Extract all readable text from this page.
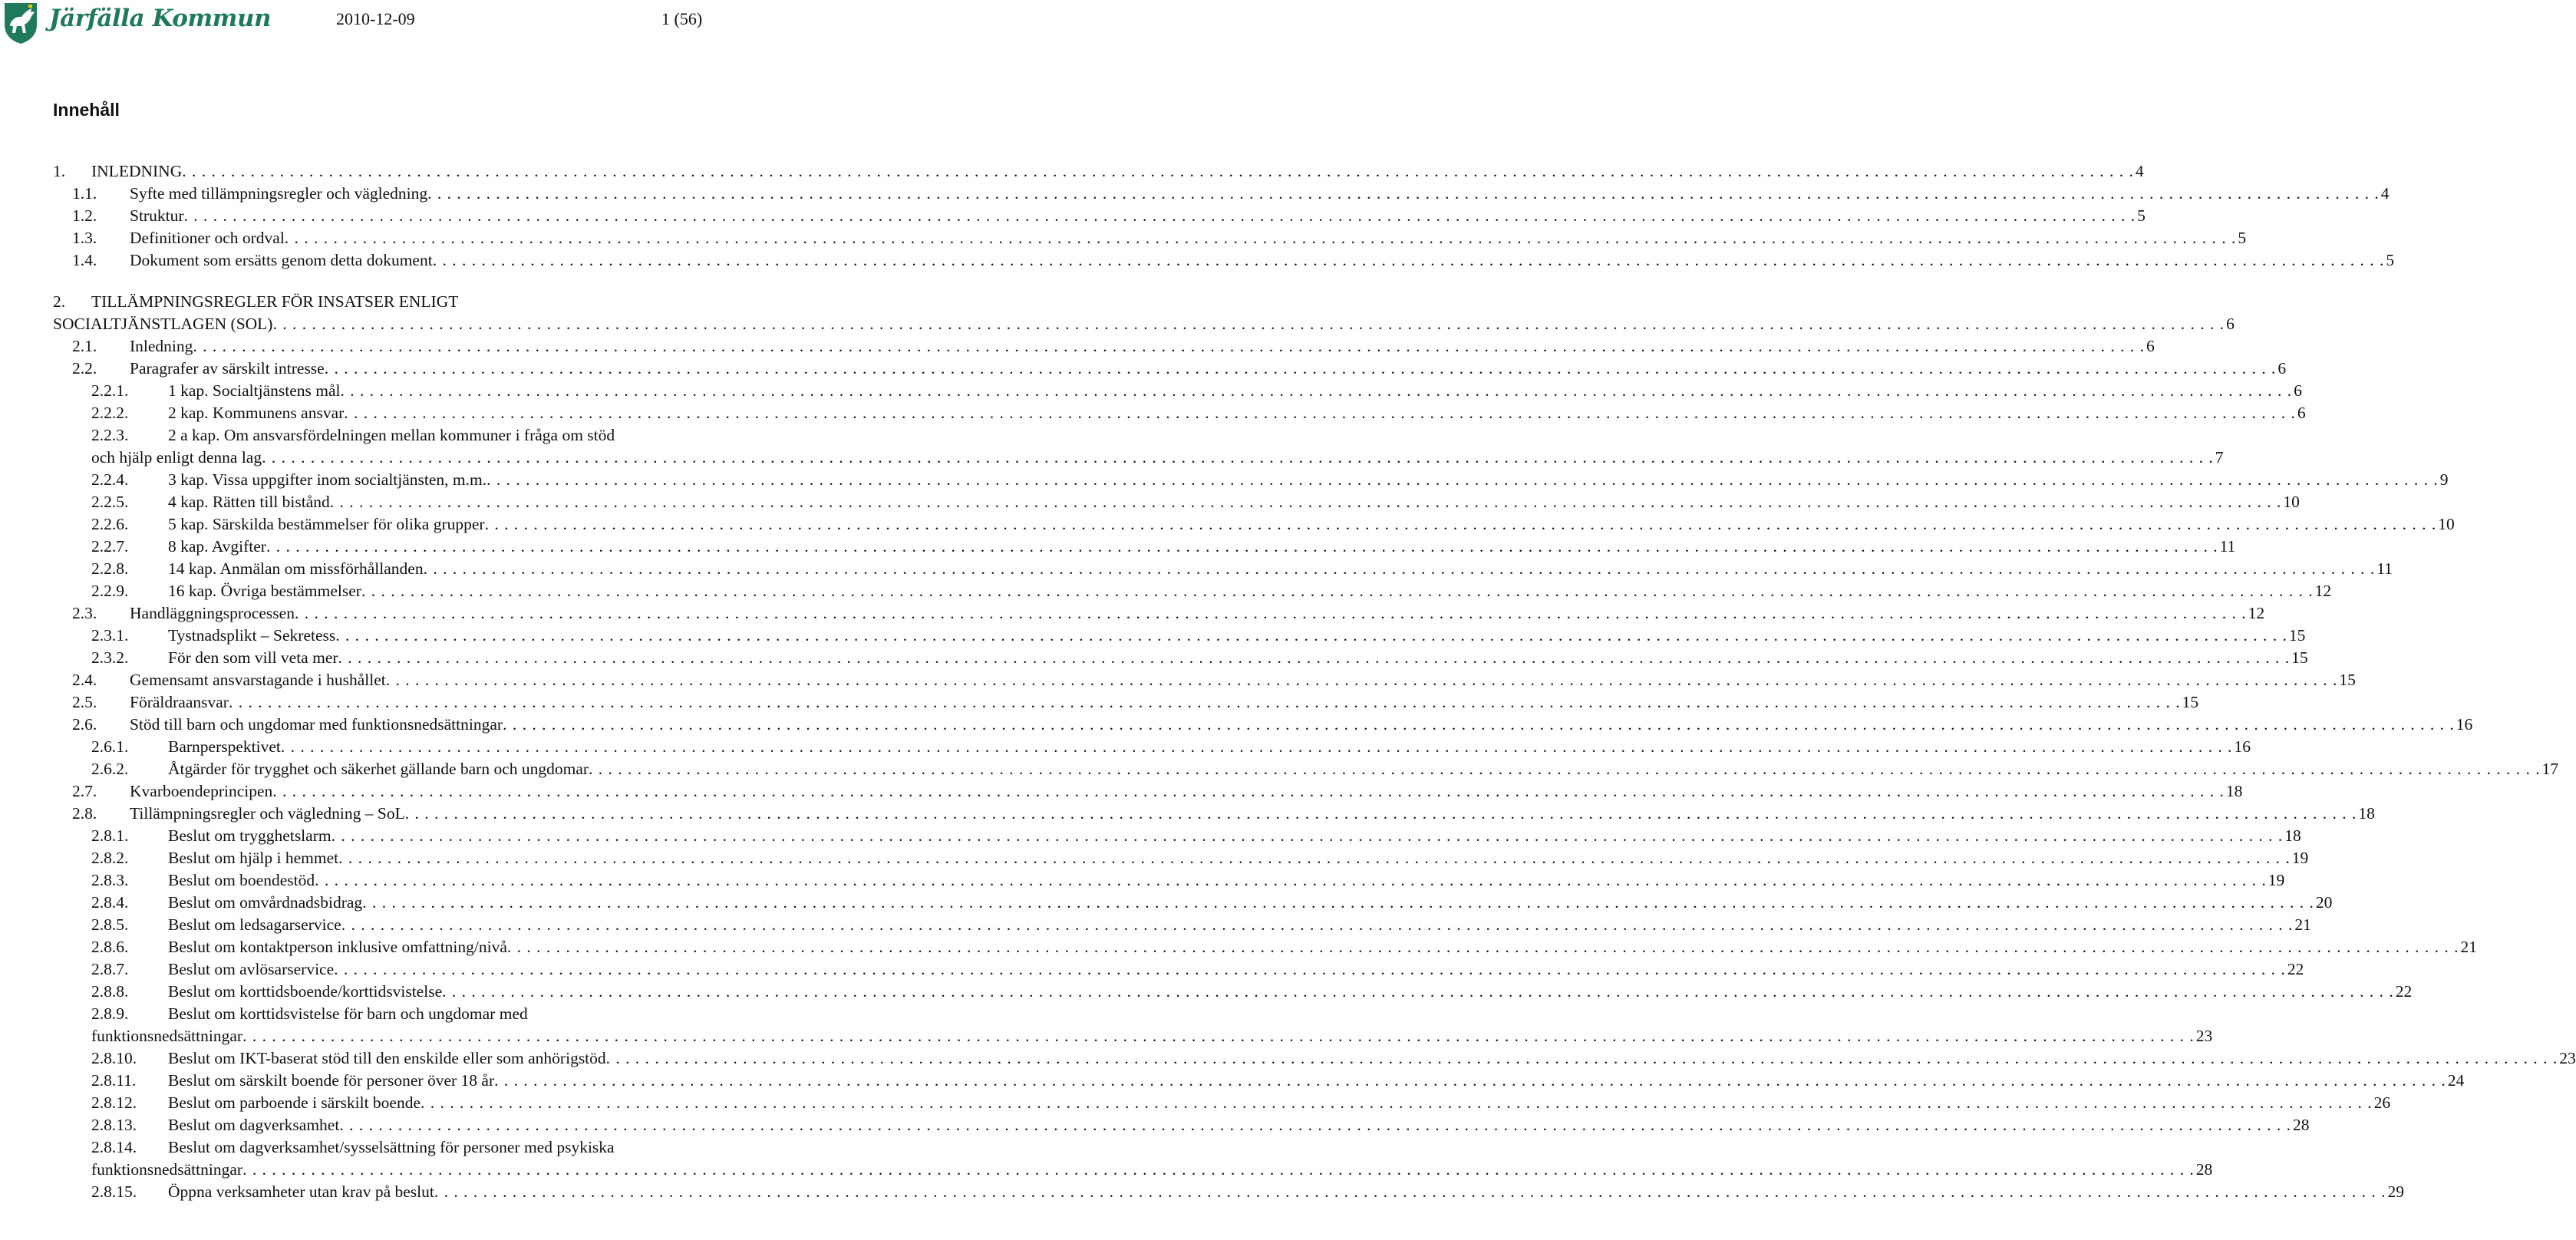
Järfälla Kommun	2010-12-09	1 (56)
Innehåll
1. INLEDNING . . . . . . . . . . . . . . . . . . . . . . . . . . . . . . . . . . . . . . . . . . . . . . . . . . . . . . . . . . . . . . . . . . . . . . . . . . . . . . . . . . . . . . . . . . . . . . . . . . . . . . . . . . . . . . . . . . . . . . . . . . . . . . . . . . . . . . . . . . . . . . . . . . . . . . . . . . . . . . . . . . . . . . . . . . . . . . . . . . . . . . . . . . . . . . . . . . . . . . . . 4
1.1. Syfte med tillämpningsregler och vägledning . . . . . . . . . . . . . . . . . . . . . . . . . . . . . . . . . . . . . . . . . . . . . . . . . . . . . . . . . . . . . . . . . . . . . . . . . . . . . . . . . . . . . . . . . . . . . . . . . . . . . . . . . . . . . . . . . . . . . . . . . . . . . . . . . . . . . . . . . . . . . . . . . . . . . . . . . . . . . . . . . . . . . . . . . . . . . . . . . . . . . . . . . . . . . . . . . . . . . . . . 4
1.2. Struktur . . . . . . . . . . . . . . . . . . . . . . . . . . . . . . . . . . . . . . . . . . . . . . . . . . . . . . . . . . . . . . . . . . . . . . . . . . . . . . . . . . . . . . . . . . . . . . . . . . . . . . . . . . . . . . . . . . . . . . . . . . . . . . . . . . . . . . . . . . . . . . . . . . . . . . . . . . . . . . . . . . . . . . . . . . . . . . . . . . . . . . . . . . . . . . . . . . . . . . . . 5
1.3. Definitioner och ordval . . . . . . . . . . . . . . . . . . . . . . . . . . . . . . . . . . . . . . . . . . . . . . . . . . . . . . . . . . . . . . . . . . . . . . . . . . . . . . . . . . . . . . . . . . . . . . . . . . . . . . . . . . . . . . . . . . . . . . . . . . . . . . . . . . . . . . . . . . . . . . . . . . . . . . . . . . . . . . . . . . . . . . . . . . . . . . . . . . . . . . . . . . . . . . . . . . . . . . . . 5
1.4. Dokument som ersätts genom detta dokument . . . . . . . . . . . . . . . . . . . . . . . . . . . . . . . . . . . . . . . . . . . . . . . . . . . . . . . . . . . . . . . . . . . . . . . . . . . . . . . . . . . . . . . . . . . . . . . . . . . . . . . . . . . . . . . . . . . . . . . . . . . . . . . . . . . . . . . . . . . . . . . . . . . . . . . . . . . . . . . . . . . . . . . . . . . . . . . . . . . . . . . . . . . . . . . . . . . . . . . . 5
2. TILLÄMPNINGSREGLER FÖR INSATSER ENLIGT
SOCIALTJÄNSTLAGEN (SOL) . . . . . . . . . . . . . . . . . . . . . . . . . . . . . . . . . . . . . . . . . . . . . . . . . . . . . . . . . . . . . . . . . . . . . . . . . . . . . . . . . . . . . . . . . . . . . . . . . . . . . . . . . . . . . . . . . . . . . . . . . . . . . . . . . . . . . . . . . . . . . . . . . . . . . . . . . . . . . . . . . . . . . . . . . . . . . . . . . . . . . . . . . . . . . . . . . . . . . . . . 6
2.1. Inledning . . . . . . . . . . . . . . . . . . . . . . . . . . . . . . . . . . . . . . . . . . . . . . . . . . . . . . . . . . . . . . . . . . . . . . . . . . . . . . . . . . . . . . . . . . . . . . . . . . . . . . . . . . . . . . . . . . . . . . . . . . . . . . . . . . . . . . . . . . . . . . . . . . . . . . . . . . . . . . . . . . . . . . . . . . . . . . . . . . . . . . . . . . . . . . . . . . . . . . . . 6
2.2. Paragrafer av särskilt intresse . . . . . . . . . . . . . . . . . . . . . . . . . . . . . . . . . . . . . . . . . . . . . . . . . . . . . . . . . . . . . . . . . . . . . . . . . . . . . . . . . . . . . . . . . . . . . . . . . . . . . . . . . . . . . . . . . . . . . . . . . . . . . . . . . . . . . . . . . . . . . . . . . . . . . . . . . . . . . . . . . . . . . . . . . . . . . . . . . . . . . . . . . . . . . . . . . . . . . . . . 6
2.2.1. 1 kap. Socialtjänstens mål . . . . . . . . . . . . . . . . . . . . . . . . . . . . . . . . . . . . . . . . . . . . . . . . . . . . . . . . . . . . . . . . . . . . . . . . . . . . . . . . . . . . . . . . . . . . . . . . . . . . . . . . . . . . . . . . . . . . . . . . . . . . . . . . . . . . . . . . . . . . . . . . . . . . . . . . . . . . . . . . . . . . . . . . . . . . . . . . . . . . . . . . . . . . . . . . . . . . . . . . 6
2.2.2. 2 kap. Kommunens ansvar . . . . . . . . . . . . . . . . . . . . . . . . . . . . . . . . . . . . . . . . . . . . . . . . . . . . . . . . . . . . . . . . . . . . . . . . . . . . . . . . . . . . . . . . . . . . . . . . . . . . . . . . . . . . . . . . . . . . . . . . . . . . . . . . . . . . . . . . . . . . . . . . . . . . . . . . . . . . . . . . . . . . . . . . . . . . . . . . . . . . . . . . . . . . . . . . . . . . . . . . 6
2.2.3. 2 a kap. Om ansvarsfördelningen mellan kommuner i fråga om stöd
och hjälp enligt denna lag . . . . . . . . . . . . . . . . . . . . . . . . . . . . . . . . . . . . . . . . . . . . . . . . . . . . . . . . . . . . . . . . . . . . . . . . . . . . . . . . . . . . . . . . . . . . . . . . . . . . . . . . . . . . . . . . . . . . . . . . . . . . . . . . . . . . . . . . . . . . . . . . . . . . . . . . . . . . . . . . . . . . . . . . . . . . . . . . . . . . . . . . . . . . . . . . . . . . . . . . 7
2.2.4. 3 kap. Vissa uppgifter inom socialtjänsten, m.m. . . . . . . . . . . . . . . . . . . . . . . . . . . . . . . . . . . . . . . . . . . . . . . . . . . . . . . . . . . . . . . . . . . . . . . . . . . . . . . . . . . . . . . . . . . . . . . . . . . . . . . . . . . . . . . . . . . . . . . . . . . . . . . . . . . . . . . . . . . . . . . . . . . . . . . . . . . . . . . . . . . . . . . . . . . . . . . . . . . . . . . . . . . . . . . . . . . . . . . . . 9
2.2.5. 4 kap. Rätten till bistånd . . . . . . . . . . . . . . . . . . . . . . . . . . . . . . . . . . . . . . . . . . . . . . . . . . . . . . . . . . . . . . . . . . . . . . . . . . . . . . . . . . . . . . . . . . . . . . . . . . . . . . . . . . . . . . . . . . . . . . . . . . . . . . . . . . . . . . . . . . . . . . . . . . . . . . . . . . . . . . . . . . . . . . . . . . . . . . . . . . . . . . . . . . . . . . . . . . . . . . . . 10
2.2.6. 5 kap. Särskilda bestämmelser för olika grupper . . . . . . . . . . . . . . . . . . . . . . . . . . . . . . . . . . . . . . . . . . . . . . . . . . . . . . . . . . . . . . . . . . . . . . . . . . . . . . . . . . . . . . . . . . . . . . . . . . . . . . . . . . . . . . . . . . . . . . . . . . . . . . . . . . . . . . . . . . . . . . . . . . . . . . . . . . . . . . . . . . . . . . . . . . . . . . . . . . . . . . . . . . . . . . . . . . . . . . . . 10
2.2.7. 8 kap. Avgifter . . . . . . . . . . . . . . . . . . . . . . . . . . . . . . . . . . . . . . . . . . . . . . . . . . . . . . . . . . . . . . . . . . . . . . . . . . . . . . . . . . . . . . . . . . . . . . . . . . . . . . . . . . . . . . . . . . . . . . . . . . . . . . . . . . . . . . . . . . . . . . . . . . . . . . . . . . . . . . . . . . . . . . . . . . . . . . . . . . . . . . . . . . . . . . . . . . . . . . . . 11
2.2.8. 14 kap. Anmälan om missförhållanden . . . . . . . . . . . . . . . . . . . . . . . . . . . . . . . . . . . . . . . . . . . . . . . . . . . . . . . . . . . . . . . . . . . . . . . . . . . . . . . . . . . . . . . . . . . . . . . . . . . . . . . . . . . . . . . . . . . . . . . . . . . . . . . . . . . . . . . . . . . . . . . . . . . . . . . . . . . . . . . . . . . . . . . . . . . . . . . . . . . . . . . . . . . . . . . . . . . . . . . . 11
2.2.9. 16 kap. Övriga bestämmelser . . . . . . . . . . . . . . . . . . . . . . . . . . . . . . . . . . . . . . . . . . . . . . . . . . . . . . . . . . . . . . . . . . . . . . . . . . . . . . . . . . . . . . . . . . . . . . . . . . . . . . . . . . . . . . . . . . . . . . . . . . . . . . . . . . . . . . . . . . . . . . . . . . . . . . . . . . . . . . . . . . . . . . . . . . . . . . . . . . . . . . . . . . . . . . . . . . . . . . . . 12
2.3. Handläggningsprocessen . . . . . . . . . . . . . . . . . . . . . . . . . . . . . . . . . . . . . . . . . . . . . . . . . . . . . . . . . . . . . . . . . . . . . . . . . . . . . . . . . . . . . . . . . . . . . . . . . . . . . . . . . . . . . . . . . . . . . . . . . . . . . . . . . . . . . . . . . . . . . . . . . . . . . . . . . . . . . . . . . . . . . . . . . . . . . . . . . . . . . . . . . . . . . . . . . . . . . . . . 12
2.3.1. Tystnadsplikt – Sekretess . . . . . . . . . . . . . . . . . . . . . . . . . . . . . . . . . . . . . . . . . . . . . . . . . . . . . . . . . . . . . . . . . . . . . . . . . . . . . . . . . . . . . . . . . . . . . . . . . . . . . . . . . . . . . . . . . . . . . . . . . . . . . . . . . . . . . . . . . . . . . . . . . . . . . . . . . . . . . . . . . . . . . . . . . . . . . . . . . . . . . . . . . . . . . . . . . . . . . . . . 15
2.3.2. För den som vill veta mer . . . . . . . . . . . . . . . . . . . . . . . . . . . . . . . . . . . . . . . . . . . . . . . . . . . . . . . . . . . . . . . . . . . . . . . . . . . . . . . . . . . . . . . . . . . . . . . . . . . . . . . . . . . . . . . . . . . . . . . . . . . . . . . . . . . . . . . . . . . . . . . . . . . . . . . . . . . . . . . . . . . . . . . . . . . . . . . . . . . . . . . . . . . . . . . . . . . . . . . . 15
2.4. Gemensamt ansvarstagande i hushållet . . . . . . . . . . . . . . . . . . . . . . . . . . . . . . . . . . . . . . . . . . . . . . . . . . . . . . . . . . . . . . . . . . . . . . . . . . . . . . . . . . . . . . . . . . . . . . . . . . . . . . . . . . . . . . . . . . . . . . . . . . . . . . . . . . . . . . . . . . . . . . . . . . . . . . . . . . . . . . . . . . . . . . . . . . . . . . . . . . . . . . . . . . . . . . . . . . . . . . . . 15
2.5. Föräldraansvar . . . . . . . . . . . . . . . . . . . . . . . . . . . . . . . . . . . . . . . . . . . . . . . . . . . . . . . . . . . . . . . . . . . . . . . . . . . . . . . . . . . . . . . . . . . . . . . . . . . . . . . . . . . . . . . . . . . . . . . . . . . . . . . . . . . . . . . . . . . . . . . . . . . . . . . . . . . . . . . . . . . . . . . . . . . . . . . . . . . . . . . . . . . . . . . . . . . . . . . . 15
2.6. Stöd till barn och ungdomar med funktionsnedsättningar . . . . . . . . . . . . . . . . . . . . . . . . . . . . . . . . . . . . . . . . . . . . . . . . . . . . . . . . . . . . . . . . . . . . . . . . . . . . . . . . . . . . . . . . . . . . . . . . . . . . . . . . . . . . . . . . . . . . . . . . . . . . . . . . . . . . . . . . . . . . . . . . . . . . . . . . . . . . . . . . . . . . . . . . . . . . . . . . . . . . . . . . . . . . . . . . . . . . . . . . 16
2.6.1. Barnperspektivet . . . . . . . . . . . . . . . . . . . . . . . . . . . . . . . . . . . . . . . . . . . . . . . . . . . . . . . . . . . . . . . . . . . . . . . . . . . . . . . . . . . . . . . . . . . . . . . . . . . . . . . . . . . . . . . . . . . . . . . . . . . . . . . . . . . . . . . . . . . . . . . . . . . . . . . . . . . . . . . . . . . . . . . . . . . . . . . . . . . . . . . . . . . . . . . . . . . . . . . . 16
2.6.2. Åtgärder för trygghet och säkerhet gällande barn och ungdomar . . . . . . . . . . . . . . . . . . . . . . . . . . . . . . . . . . . . . . . . . . . . . . . . . . . . . . . . . . . . . . . . . . . . . . . . . . . . . . . . . . . . . . . . . . . . . . . . . . . . . . . . . . . . . . . . . . . . . . . . . . . . . . . . . . . . . . . . . . . . . . . . . . . . . . . . . . . . . . . . . . . . . . . . . . . . . . . . . . . . . . . . . . . . . . . . . . . . . . . . 17
2.7. Kvarboendeprincipen . . . . . . . . . . . . . . . . . . . . . . . . . . . . . . . . . . . . . . . . . . . . . . . . . . . . . . . . . . . . . . . . . . . . . . . . . . . . . . . . . . . . . . . . . . . . . . . . . . . . . . . . . . . . . . . . . . . . . . . . . . . . . . . . . . . . . . . . . . . . . . . . . . . . . . . . . . . . . . . . . . . . . . . . . . . . . . . . . . . . . . . . . . . . . . . . . . . . . . . . 18
2.8. Tillämpningsregler och vägledning – SoL . . . . . . . . . . . . . . . . . . . . . . . . . . . . . . . . . . . . . . . . . . . . . . . . . . . . . . . . . . . . . . . . . . . . . . . . . . . . . . . . . . . . . . . . . . . . . . . . . . . . . . . . . . . . . . . . . . . . . . . . . . . . . . . . . . . . . . . . . . . . . . . . . . . . . . . . . . . . . . . . . . . . . . . . . . . . . . . . . . . . . . . . . . . . . . . . . . . . . . . . 18
2.8.1. Beslut om trygghetslarm . . . . . . . . . . . . . . . . . . . . . . . . . . . . . . . . . . . . . . . . . . . . . . . . . . . . . . . . . . . . . . . . . . . . . . . . . . . . . . . . . . . . . . . . . . . . . . . . . . . . . . . . . . . . . . . . . . . . . . . . . . . . . . . . . . . . . . . . . . . . . . . . . . . . . . . . . . . . . . . . . . . . . . . . . . . . . . . . . . . . . . . . . . . . . . . . . . . . . . . . 18
2.8.2. Beslut om hjälp i hemmet . . . . . . . . . . . . . . . . . . . . . . . . . . . . . . . . . . . . . . . . . . . . . . . . . . . . . . . . . . . . . . . . . . . . . . . . . . . . . . . . . . . . . . . . . . . . . . . . . . . . . . . . . . . . . . . . . . . . . . . . . . . . . . . . . . . . . . . . . . . . . . . . . . . . . . . . . . . . . . . . . . . . . . . . . . . . . . . . . . . . . . . . . . . . . . . . . . . . . . . . 19
2.8.3. Beslut om boendestöd . . . . . . . . . . . . . . . . . . . . . . . . . . . . . . . . . . . . . . . . . . . . . . . . . . . . . . . . . . . . . . . . . . . . . . . . . . . . . . . . . . . . . . . . . . . . . . . . . . . . . . . . . . . . . . . . . . . . . . . . . . . . . . . . . . . . . . . . . . . . . . . . . . . . . . . . . . . . . . . . . . . . . . . . . . . . . . . . . . . . . . . . . . . . . . . . . . . . . . . . 19
2.8.4. Beslut om omvårdnadsbidrag . . . . . . . . . . . . . . . . . . . . . . . . . . . . . . . . . . . . . . . . . . . . . . . . . . . . . . . . . . . . . . . . . . . . . . . . . . . . . . . . . . . . . . . . . . . . . . . . . . . . . . . . . . . . . . . . . . . . . . . . . . . . . . . . . . . . . . . . . . . . . . . . . . . . . . . . . . . . . . . . . . . . . . . . . . . . . . . . . . . . . . . . . . . . . . . . . . . . . . . . 20
2.8.5. Beslut om ledsagarservice . . . . . . . . . . . . . . . . . . . . . . . . . . . . . . . . . . . . . . . . . . . . . . . . . . . . . . . . . . . . . . . . . . . . . . . . . . . . . . . . . . . . . . . . . . . . . . . . . . . . . . . . . . . . . . . . . . . . . . . . . . . . . . . . . . . . . . . . . . . . . . . . . . . . . . . . . . . . . . . . . . . . . . . . . . . . . . . . . . . . . . . . . . . . . . . . . . . . . . . . 21
2.8.6. Beslut om kontaktperson inklusive omfattning/nivå . . . . . . . . . . . . . . . . . . . . . . . . . . . . . . . . . . . . . . . . . . . . . . . . . . . . . . . . . . . . . . . . . . . . . . . . . . . . . . . . . . . . . . . . . . . . . . . . . . . . . . . . . . . . . . . . . . . . . . . . . . . . . . . . . . . . . . . . . . . . . . . . . . . . . . . . . . . . . . . . . . . . . . . . . . . . . . . . . . . . . . . . . . . . . . . . . . . . . . . . 21
2.8.7. Beslut om avlösarservice . . . . . . . . . . . . . . . . . . . . . . . . . . . . . . . . . . . . . . . . . . . . . . . . . . . . . . . . . . . . . . . . . . . . . . . . . . . . . . . . . . . . . . . . . . . . . . . . . . . . . . . . . . . . . . . . . . . . . . . . . . . . . . . . . . . . . . . . . . . . . . . . . . . . . . . . . . . . . . . . . . . . . . . . . . . . . . . . . . . . . . . . . . . . . . . . . . . . . . . . 22
2.8.8. Beslut om korttidsboende/korttidsvistelse . . . . . . . . . . . . . . . . . . . . . . . . . . . . . . . . . . . . . . . . . . . . . . . . . . . . . . . . . . . . . . . . . . . . . . . . . . . . . . . . . . . . . . . . . . . . . . . . . . . . . . . . . . . . . . . . . . . . . . . . . . . . . . . . . . . . . . . . . . . . . . . . . . . . . . . . . . . . . . . . . . . . . . . . . . . . . . . . . . . . . . . . . . . . . . . . . . . . . . . . 22
2.8.9. Beslut om korttidsvistelse för barn och ungdomar med
funktionsnedsättningar . . . . . . . . . . . . . . . . . . . . . . . . . . . . . . . . . . . . . . . . . . . . . . . . . . . . . . . . . . . . . . . . . . . . . . . . . . . . . . . . . . . . . . . . . . . . . . . . . . . . . . . . . . . . . . . . . . . . . . . . . . . . . . . . . . . . . . . . . . . . . . . . . . . . . . . . . . . . . . . . . . . . . . . . . . . . . . . . . . . . . . . . . . . . . . . . . . . . . . . . 23
2.8.10. Beslut om IKT-baserat stöd till den enskilde eller som anhörigstöd . . . . . . . . . . . . . . . . . . . . . . . . . . . . . . . . . . . . . . . . . . . . . . . . . . . . . . . . . . . . . . . . . . . . . . . . . . . . . . . . . . . . . . . . . . . . . . . . . . . . . . . . . . . . . . . . . . . . . . . . . . . . . . . . . . . . . . . . . . . . . . . . . . . . . . . . . . . . . . . . . . . . . . . . . . . . . . . . . . . . . . . . . . . . . . . . . . . . . . . . 23
2.8.11. Beslut om särskilt boende för personer över 18 år . . . . . . . . . . . . . . . . . . . . . . . . . . . . . . . . . . . . . . . . . . . . . . . . . . . . . . . . . . . . . . . . . . . . . . . . . . . . . . . . . . . . . . . . . . . . . . . . . . . . . . . . . . . . . . . . . . . . . . . . . . . . . . . . . . . . . . . . . . . . . . . . . . . . . . . . . . . . . . . . . . . . . . . . . . . . . . . . . . . . . . . . . . . . . . . . . . . . . . . . 24
2.8.12. Beslut om parboende i särskilt boende . . . . . . . . . . . . . . . . . . . . . . . . . . . . . . . . . . . . . . . . . . . . . . . . . . . . . . . . . . . . . . . . . . . . . . . . . . . . . . . . . . . . . . . . . . . . . . . . . . . . . . . . . . . . . . . . . . . . . . . . . . . . . . . . . . . . . . . . . . . . . . . . . . . . . . . . . . . . . . . . . . . . . . . . . . . . . . . . . . . . . . . . . . . . . . . . . . . . . . . . 26
2.8.13. Beslut om dagverksamhet . . . . . . . . . . . . . . . . . . . . . . . . . . . . . . . . . . . . . . . . . . . . . . . . . . . . . . . . . . . . . . . . . . . . . . . . . . . . . . . . . . . . . . . . . . . . . . . . . . . . . . . . . . . . . . . . . . . . . . . . . . . . . . . . . . . . . . . . . . . . . . . . . . . . . . . . . . . . . . . . . . . . . . . . . . . . . . . . . . . . . . . . . . . . . . . . . . . . . . . . 28
2.8.14. Beslut om dagverksamhet/sysselsättning för personer med psykiska
funktionsnedsättningar . . . . . . . . . . . . . . . . . . . . . . . . . . . . . . . . . . . . . . . . . . . . . . . . . . . . . . . . . . . . . . . . . . . . . . . . . . . . . . . . . . . . . . . . . . . . . . . . . . . . . . . . . . . . . . . . . . . . . . . . . . . . . . . . . . . . . . . . . . . . . . . . . . . . . . . . . . . . . . . . . . . . . . . . . . . . . . . . . . . . . . . . . . . . . . . . . . . . . . . . 28
2.8.15. Öppna verksamheter utan krav på beslut . . . . . . . . . . . . . . . . . . . . . . . . . . . . . . . . . . . . . . . . . . . . . . . . . . . . . . . . . . . . . . . . . . . . . . . . . . . . . . . . . . . . . . . . . . . . . . . . . . . . . . . . . . . . . . . . . . . . . . . . . . . . . . . . . . . . . . . . . . . . . . . . . . . . . . . . . . . . . . . . . . . . . . . . . . . . . . . . . . . . . . . . . . . . . . . . . . . . . . . . 29
